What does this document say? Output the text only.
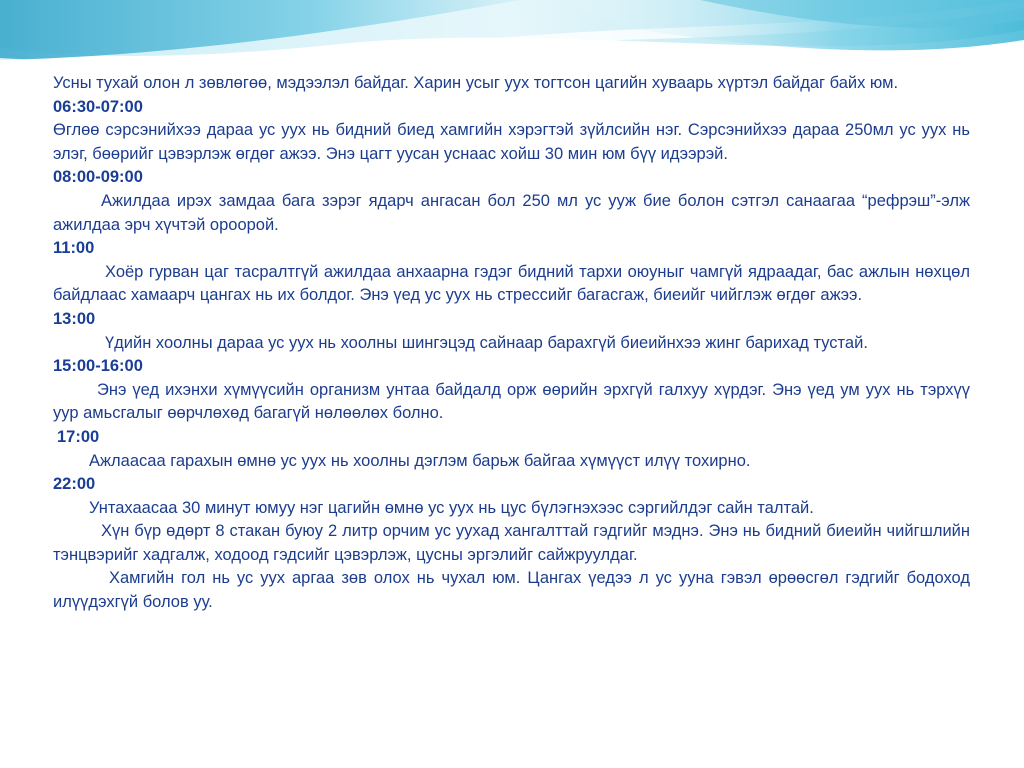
Усны тухай олон л зөвлөгөө, мэдээлэл байдаг. Харин усыг уух тогтсон цагийн хуваарь хүртэл байдаг байх юм.

06:30-07:00

Өглөө сэрсэнийхээ дараа ус уух нь бидний биед хамгийн хэрэгтэй зүйлсийн нэг. Сэрсэнийхээ дараа 250мл ус уух нь элэг, бөөрийг цэвэрлэж өгдөг ажээ. Энэ цагт уусан уснаас хойш 30 мин юм бүү идээрэй.

08:00-09:00

Ажилдаа ирэх замдаа бага зэрэг ядарч ангасан бол 250 мл ус ууж бие болон сэтгэл санаагаа “рефрэш”-элж ажилдаа эрч хүчтэй ороорой.

11:00

Хоёр гурван цаг тасралтгүй ажилдаа анхаарна гэдэг бидний тархи оюуныг чамгүй ядраадаг, бас ажлын нөхцөл байдлаас хамаарч цангах нь их болдог. Энэ үед ус уух нь стрессийг багасгаж, биеийг чийглэж өгдөг ажээ.

13:00

Үдийн хоолны дараа ус уух нь хоолны шингэцэд сайнаар барахгүй биеийнхээ жинг барихад тустай.

15:00-16:00

Энэ үед ихэнхи хүмүүсийн организм унтаа байдалд орж өөрийн эрхгүй галхуу хүрдэг. Энэ үед ум уух нь тэрхүү уур амьсгалыг өөрчлөхөд багагүй нөлөөлөх болно.

17:00

Ажлаасаа гарахын өмнө ус уух нь хоолны дэглэм барьж байгаа хүмүүст илүү тохирно.

22:00

Унтахаасаа 30 минут юмуу нэг цагийн өмнө ус уух нь цус бүлэгнэхээс сэргийлдэг сайн талтай.

Хүн бүр өдөрт 8 стакан буюу 2 литр орчим ус уухад хангалттай гэдгийг мэднэ. Энэ нь бидний биеийн чийгшлийн тэнцвэрийг хадгалж, ходоод гэдсийг цэвэрлэж, цусны эргэлийг сайжруулдаг.

Хамгийн гол нь ус уух аргаа зөв олох нь чухал юм. Цангах үедээ л ус ууна гэвэл өрөөсгөл гэдгийг бодоход илүүдэхгүй болов уу.
